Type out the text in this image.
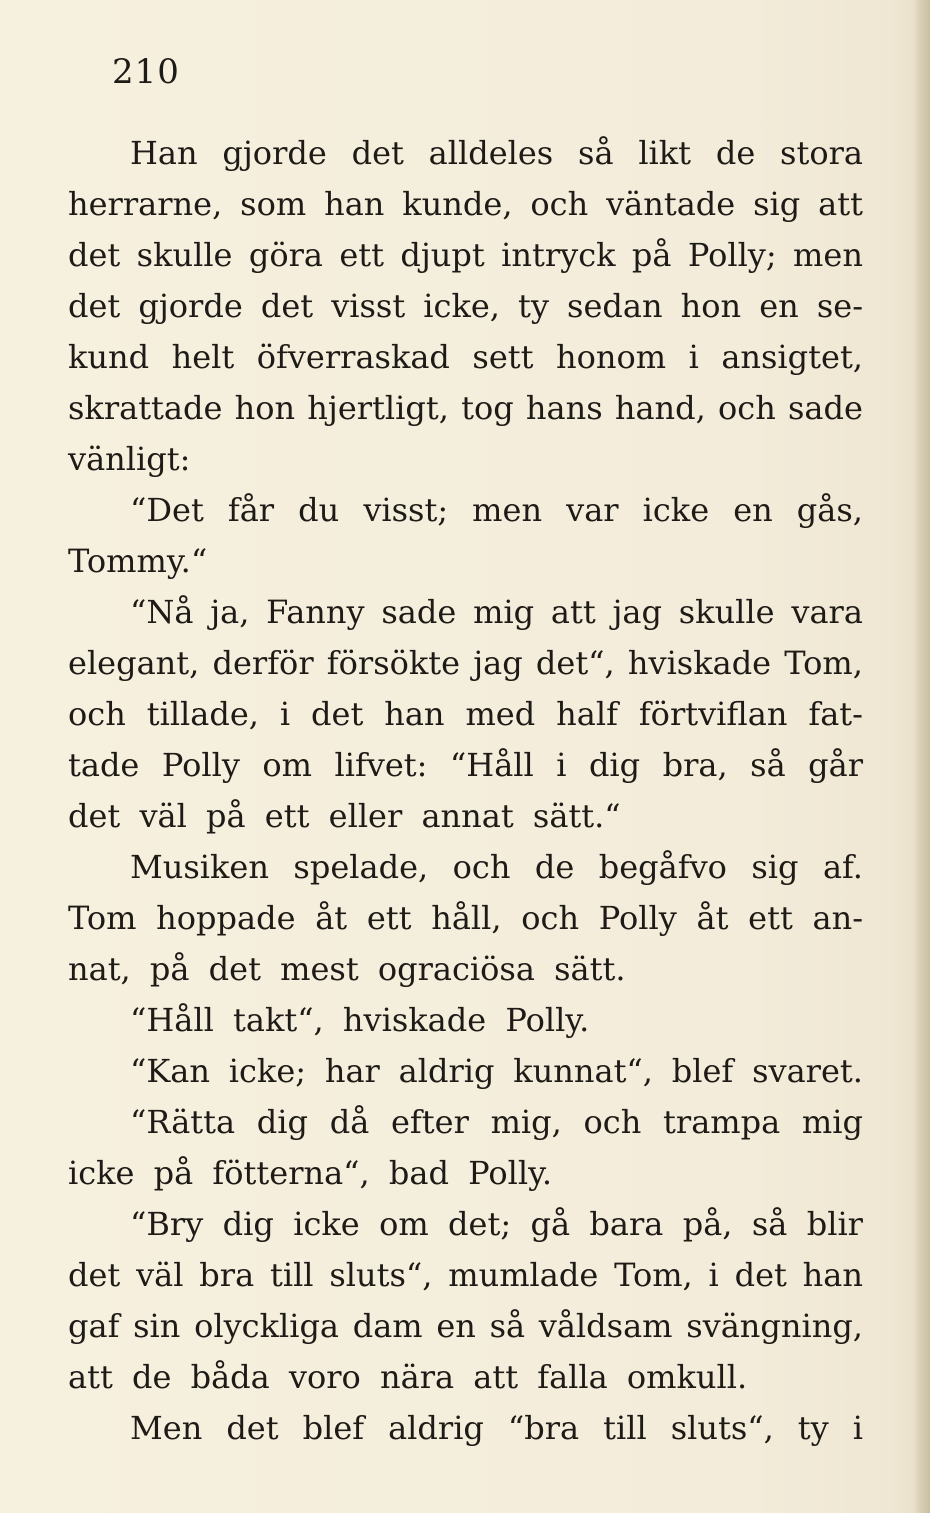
210
Han gjorde det alldeles så likt de stora
herrarne, som han kunde, och väntade sig att
det skulle göra ett djupt intryck på Polly; men
det gjorde det visst icke, ty sedan hon en se-
kund helt öfverraskad sett honom i ansigtet,
skrattade hon hjertligt, tog hans hand, och sade
vänligt:
“Det får du visst; men var icke en gås,
Tommy.“
“Nå ja, Fanny sade mig att jag skulle vara
elegant, derför försökte jag det“, hviskade Tom,
och tillade, i det han med half förtviflan fat-
tade Polly om lifvet: “Håll i dig bra, så går
det väl på ett eller annat sätt.“
Musiken spelade, och de begåfvo sig af.
Tom hoppade åt ett håll, och Polly åt ett an-
nat, på det mest ograciösa sätt.
“Håll takt“, hviskade Polly.
“Kan icke; har aldrig kunnat“, blef svaret.
“Rätta dig då efter mig, och trampa mig
icke på fötterna“, bad Polly.
“Bry dig icke om det; gå bara på, så blir
det väl bra till sluts“, mumlade Tom, i det han
gaf sin olyckliga dam en så våldsam svängning,
att de båda voro nära att falla omkull.
Men det blef aldrig “bra till sluts“, ty i
